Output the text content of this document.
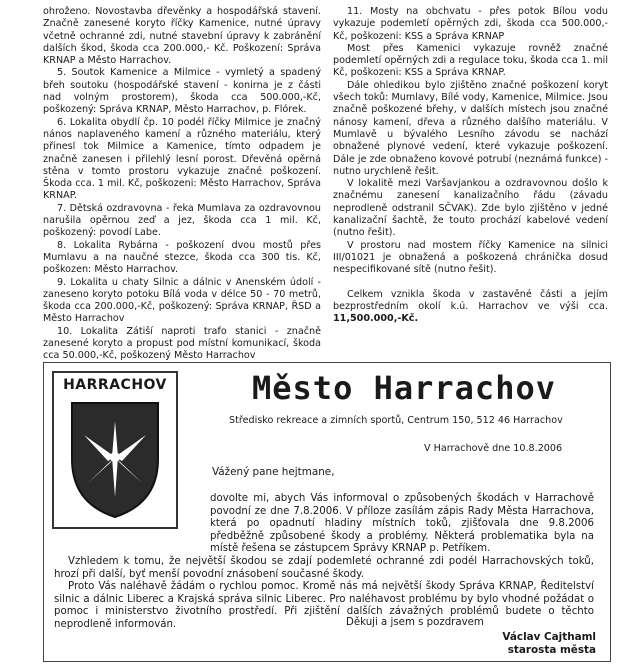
ohroženo. Novostavba dřevěnky a hospodářská stavení. Značně zanesené koryto říčky Kamenice, nutné úpravy včetně ochranné zdi, nutné stavební úpravy k zabránění dalších škod, škoda cca 200.000,- Kč. Poškození: Správa KRNAP a Město Harrachov.

5. Soutok Kamenice a Milmice - vymletý a spadený břeh soutoku (hospodářské stavení - konirna je z části nad volným prostorem), škoda cca 500.000,-Kč, poškozený: Správa KRNAP, Město Harrachov, p. Flórek.

6. Lokalita obydlí čp. 10 podél říčky Milmice je značný nános naplaveného kamení a různého materiálu, který přinesl tok Milmice a Kamenice, tímto odpadem je značně zanesen i přilehlý lesní porost. Dřevěná opěrná stěna v tomto prostoru vykazuje značné poškození. Škoda cca. 1 mil. Kč, poškozeni: Město Harrachov, Správa KRNAP.

7. Dětská ozdravovna - řeka Mumlava za ozdravovnou narušila opěrnou zeď a jez, škoda cca 1 mil. Kč, poškozený: povodí Labe.

8. Lokalita Rybárna - poškození dvou mostů přes Mumlavu a na naučné stezce, škoda cca 300 tis. Kč, poškozen: Město Harrachov.

9. Lokalita u chaty Silnic a dálnic v Anenském údolí - zaneseno koryto potoku Bílá voda v délce 50 - 70 metrů, škoda cca 200.000,-Kč, poškozený: Správa KRNAP, ŘSD a Město Harrachov

10. Lokalita Zátiší naproti trafo stanici - značně zanesené koryto a propust pod místní komunikací, škoda cca 50.000,-Kč, poškozený Město Harrachov

11. Mosty na obchvatu - přes potok Bílou vodu vykazuje podemletí opěrných zdi, škoda cca 500.000,-Kč, poškozeni: KSS a Správa KRNAP

Most přes Kamenici vykazuje rovněž značné podemletí opěrných zdi a regulace toku, škoda cca 1. mil Kč, poškozeni: KSS a Správa KRNAP.

Dále ohledikou bylo zjištěno značné poškození koryt všech toků: Mumlavy, Bílé vody, Kamenice, Milmice. Jsou značně poškozené břehy, v dalších místech jsou značné nánosy kamení, dřeva a různého dalšího materiálu. V Mumlavě u bývalého Lesního závodu se nachází obnažené plynové vedení, které vykazuje poškození. Dále je zde obnaženo kovové potrubí (neznámá funkce) - nutno urychleně řešit.

V lokalitě mezi Varšavjankou a ozdravovnou došlo k značnému zanesení kanalizačního řádu (závadu neprodleně odstranil SČVAK). Zde bylo zjištěno v jedné kanalizační šachtě, že touto prochází kabelové vedení (nutno řešit).

V prostoru nad mostem říčky Kamenice na silnici III/01021 je obnažená a poškozená chránička dosud nespecifikované sítě (nutno řešit).

Celkem vznikla škoda v zastavěné části a jejím bezprostředním okolí k.ú. Harrachov ve výši cca. 11,500.000,-Kč.

HARRACHOV	Město Harrachov
Středisko rekreace a zimních sportů, Centrum 150, 512 46 Harrachov
V Harrachově dne 10.8.2006
Vážený pane hejtmane,

dovolte mi, abych Vás informoval o způsobených škodách v Harrachově povodní ze dne 7.8.2006. V příloze zasílám zápis Rady Města Harrachova, která po opadnutí hladiny místních toků, zjišťovala dne 9.8.2006 předběžně způsobené škody a problémy. Některá problematika byla na místě řešena se zástupcem Správy KRNAP p. Petříkem.

Vzhledem k tomu, že největší škodou se zdají podemleté ochranné zdi podél Harrachovských toků, hrozí při další, byť menší povodní znásobení současné škody.

Proto Vás naléhavě žádám o rychlou pomoc. Kromě nás má největší škody Správa KRNAP, Ředitelství silnic a dálnic Liberec a Krajská správa silnic Liberec. Pro naléhavost problému by bylo vhodné požádat o pomoc i ministerstvo životního prostředí. Při zjištění dalších závažných problémů budete o těchto neprodleně informován.	Děkuji a jsem s pozdravem
Václav Cajthaml
starosta města
